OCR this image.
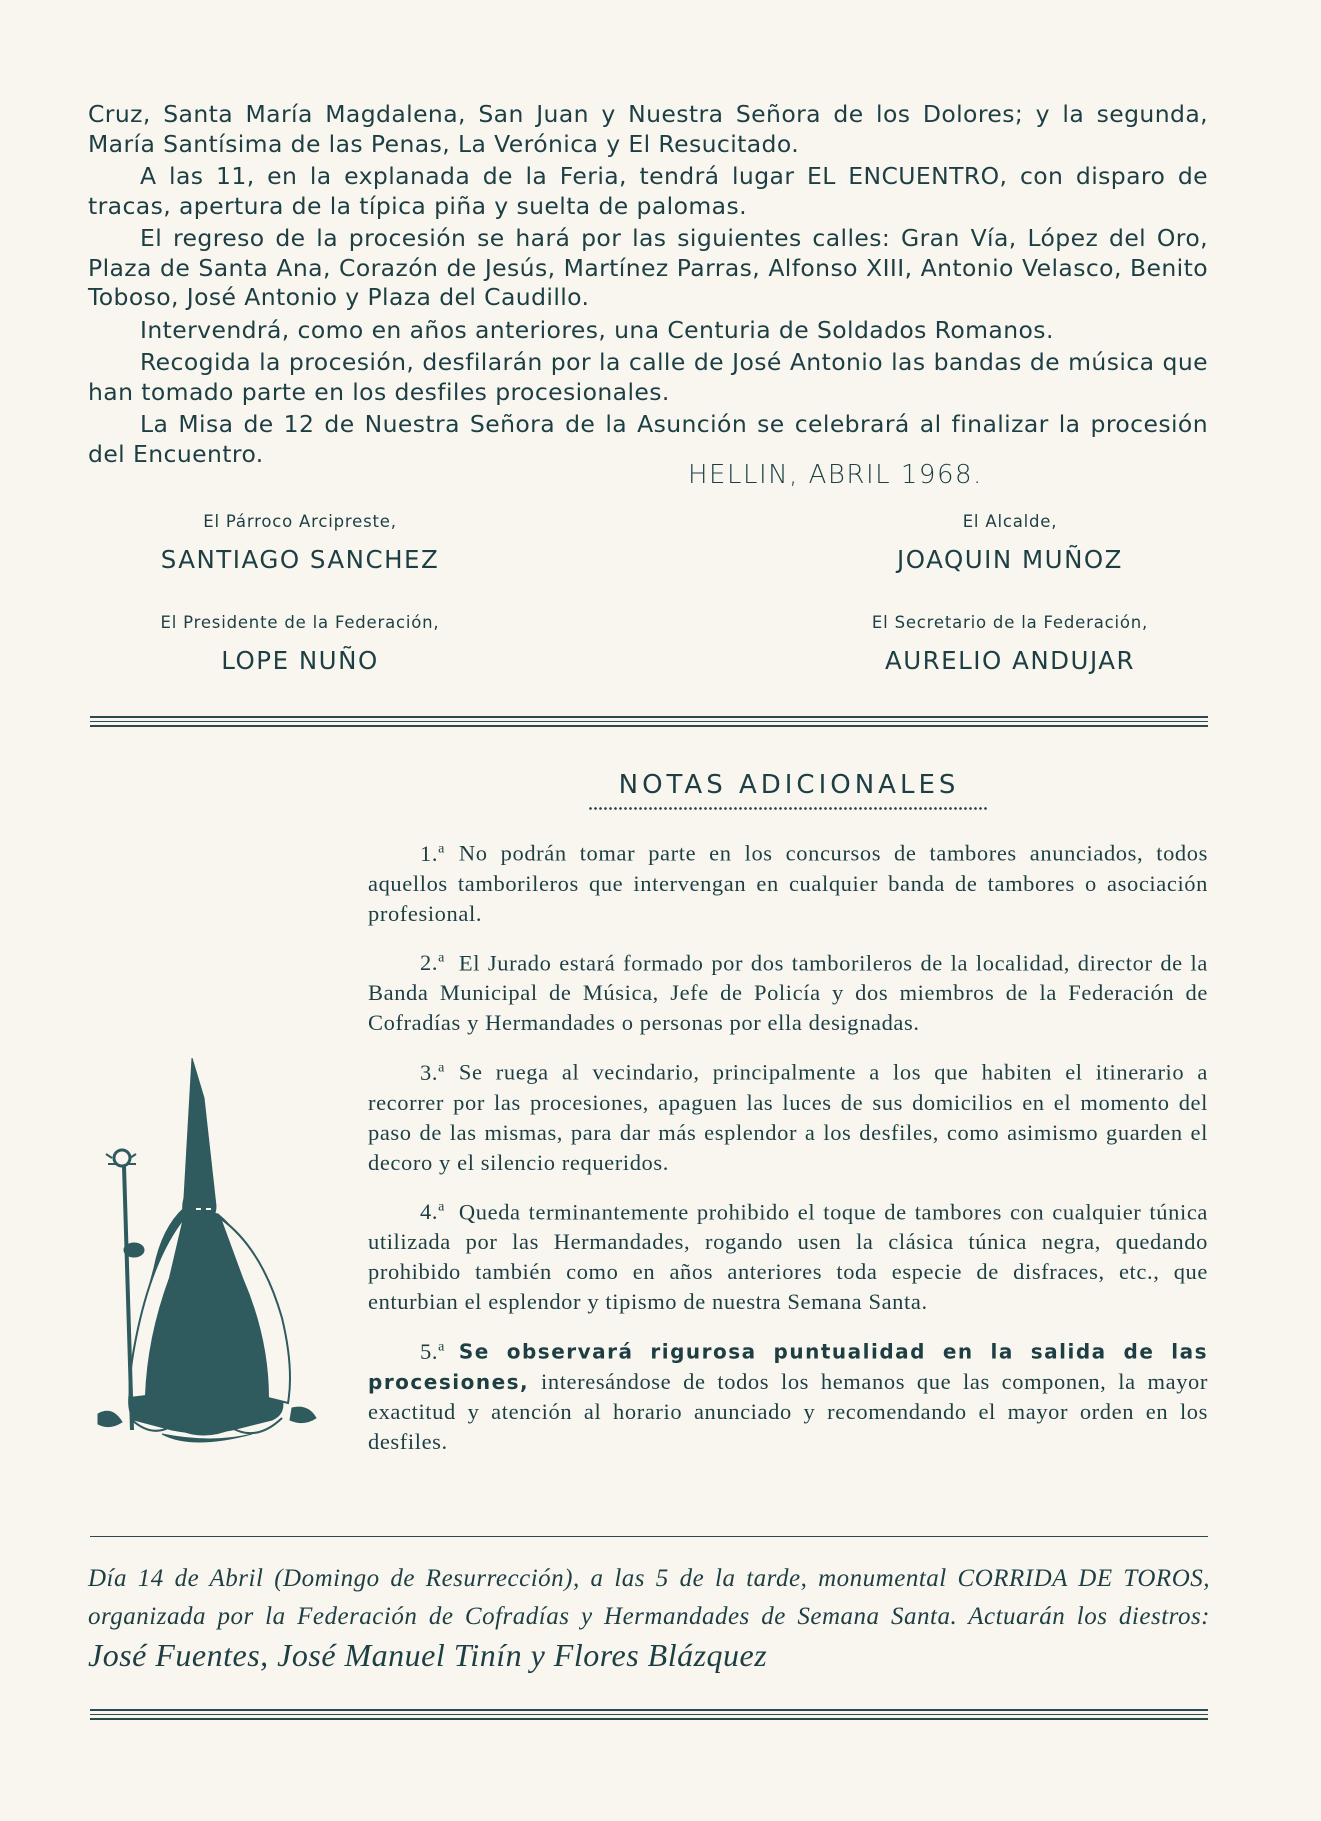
Cruz, Santa María Magdalena, San Juan y Nuestra Señora de los Dolores; y la segunda, María Santísima de las Penas, La Verónica y El Resucitado.

A las 11, en la explanada de la Feria, tendrá lugar EL ENCUENTRO, con disparo de tracas, apertura de la típica piña y suelta de palomas.

El regreso de la procesión se hará por las siguientes calles: Gran Vía, López del Oro, Plaza de Santa Ana, Corazón de Jesús, Martínez Parras, Alfonso XIII, Antonio Velasco, Benito Toboso, José Antonio y Plaza del Caudillo.

Intervendrá, como en años anteriores, una Centuria de Soldados Romanos.

Recogida la procesión, desfilarán por la calle de José Antonio las bandas de música que han tomado parte en los desfiles procesionales.

La Misa de 12 de Nuestra Señora de la Asunción se celebrará al finalizar la procesión del Encuentro.

HELLIN, ABRIL 1968.
El Párroco Arcipreste,
SANTIAGO SANCHEZ
El Alcalde,
JOAQUIN MUÑOZ
El Presidente de la Federación,
LOPE NUÑO
El Secretario de la Federación,
AURELIO ANDUJAR
NOTAS ADICIONALES

1.$^a$ No podrán tomar parte en los concursos de tambores anunciados, todos aquellos tamborileros que intervengan en cualquier banda de tambores o asociación profesional.

2.$^a$ El Jurado estará formado por dos tamborileros de la localidad, director de la Banda Municipal de Música, Jefe de Policía y dos miembros de la Federación de Cofradías y Hermandades o personas por ella designadas.

3.$^a$ Se ruega al vecindario, principalmente a los que habiten el itinerario a recorrer por las procesiones, apaguen las luces de sus domicilios en el momento del paso de las mismas, para dar más esplendor a los desfiles, como asimismo guarden el decoro y el silencio requeridos.

4.$^a$ Queda terminantemente prohibido el toque de tambores con cualquier túnica utilizada por las Hermandades, rogando usen la clásica túnica negra, quedando prohibido también como en años anteriores toda especie de disfraces, etc., que enturbian el esplendor y tipismo de nuestra Semana Santa.

5.$^a$ Se observará rigurosa puntualidad en la salida de las procesiones, interesándose de todos los hemanos que las componen, la mayor exactitud y atención al horario anunciado y recomendando el mayor orden en los desfiles.

Día 14 de Abril (Domingo de Resurrección), a las 5 de la tarde, monumental CORRIDA DE TOROS, organizada por la Federación de Cofradías y Hermandades de Semana Santa. Actuarán los diestros: José Fuentes, José Manuel Tinín y Flores Blázquez
